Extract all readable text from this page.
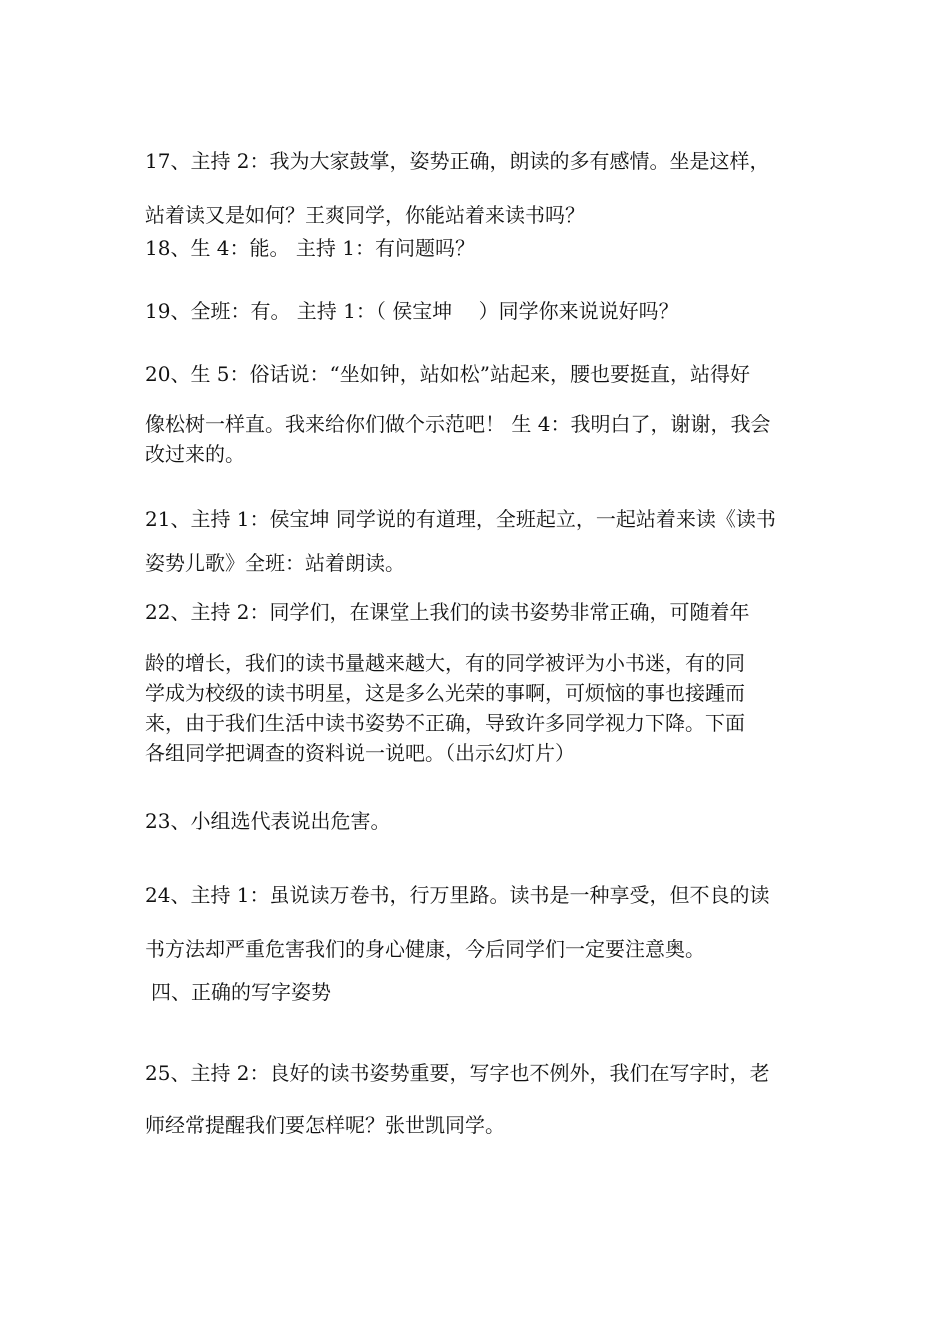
17、主持 2：我为大家鼓掌，姿势正确，朗读的多有感情。坐是这样，
站着读又是如何？王爽同学，你能站着来读书吗？
18、生 4：能。 主持 1：有问题吗？
19、全班：有。 主持 1：（ 侯宝坤　 ）同学你来说说好吗？
20、生 5：俗话说：“坐如钟，站如松”站起来，腰也要挺直，站得好
像松树一样直。我来给你们做个示范吧！ 生 4：我明白了，谢谢，我会
改过来的。
21、主持 1：侯宝坤 同学说的有道理，全班起立，一起站着来读《读书
姿势儿歌》全班：站着朗读。
22、主持 2：同学们，在课堂上我们的读书姿势非常正确，可随着年
龄的增长，我们的读书量越来越大，有的同学被评为小书迷，有的同
学成为校级的读书明星，这是多么光荣的事啊，可烦恼的事也接踵而
来，由于我们生活中读书姿势不正确，导致许多同学视力下降。下面
各组同学把调查的资料说一说吧。（出示幻灯片）
23、小组选代表说出危害。
24、主持 1：虽说读万卷书，行万里路。读书是一种享受，但不良的读
书方法却严重危害我们的身心健康，今后同学们一定要注意奥。
四、正确的写字姿势
25、主持 2：良好的读书姿势重要，写字也不例外，我们在写字时，老
师经常提醒我们要怎样呢？张世凯同学。
